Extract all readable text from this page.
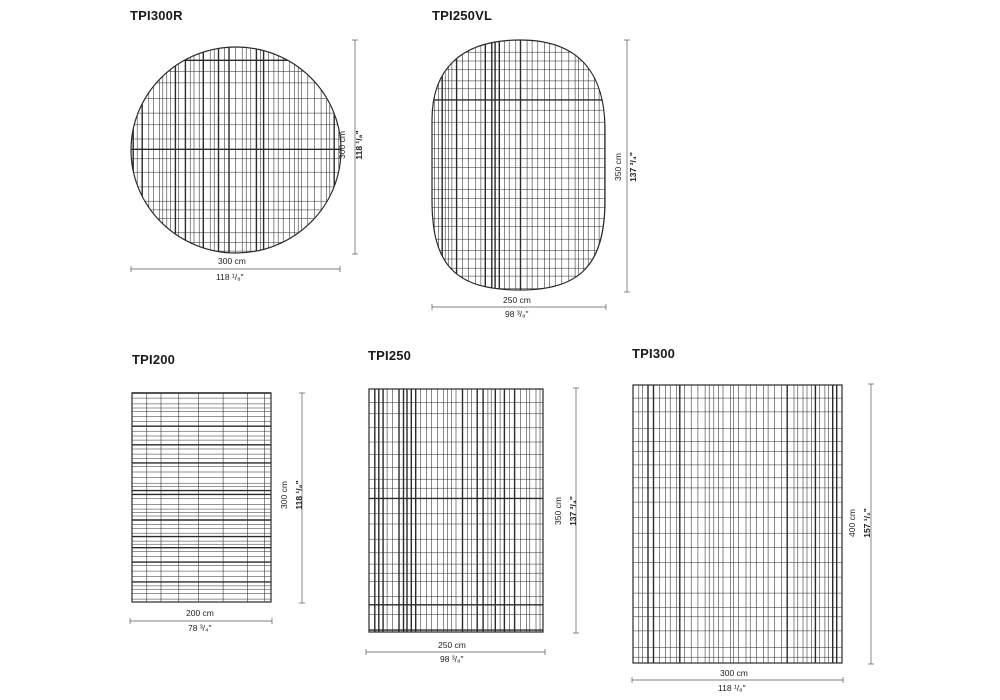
TPI300R	TPI250VL
TPI200	TPI250	TPI300
300 cm
118 ¹/₈"
300 cm 118 ¹/₈"
250 cm
98 ³/₈"
350 cm 137 ³/₄"
200 cm
78 ³/₄"
300 cm 118 ¹/₈"
250 cm
98 ³/₈"
350 cm 137 ³/₄"
300 cm
118 ¹/₈"
400 cm 157 ¹/₂"
